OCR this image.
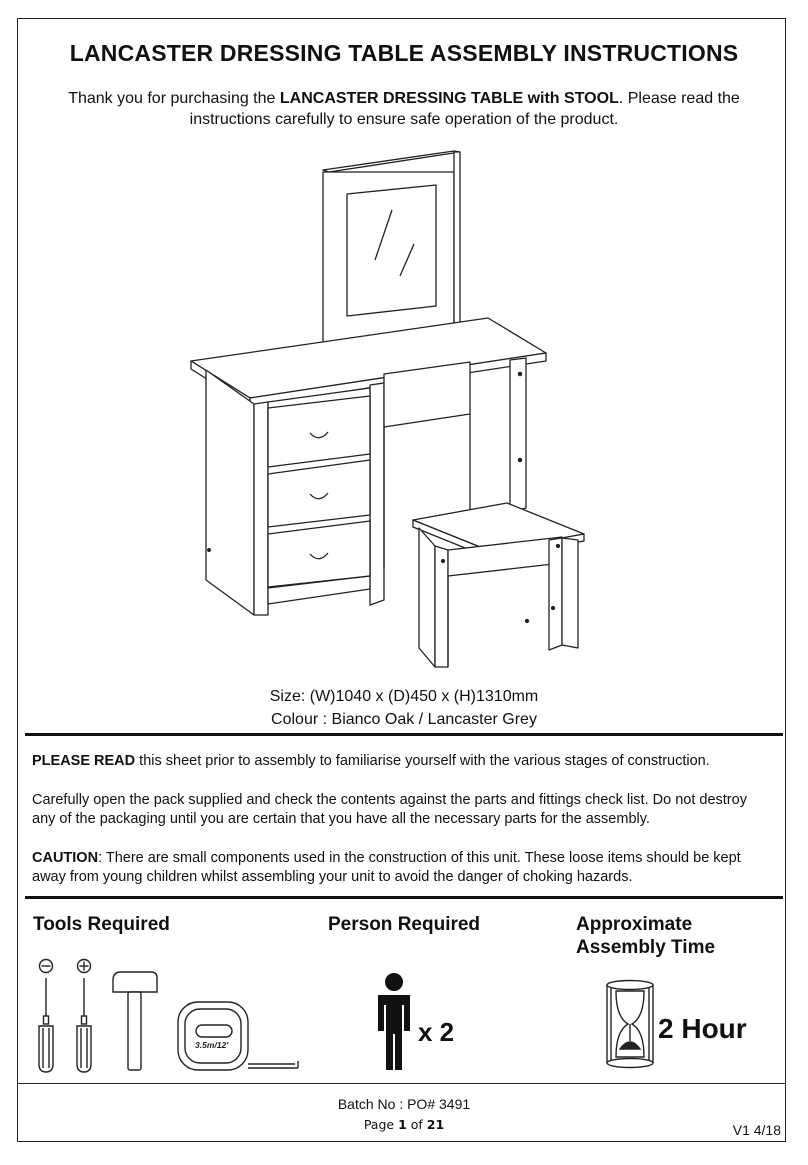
LANCASTER DRESSING TABLE ASSEMBLY INSTRUCTIONS
Thank you for purchasing the LANCASTER DRESSING TABLE with STOOL. Please read the instructions carefully to ensure safe operation of the product.
Size: (W)1040 x (D)450 x (H)1310mm
Colour : Bianco Oak / Lancaster Grey
PLEASE READ this sheet prior to assembly to familiarise yourself with the various stages of construction.
Carefully open the pack supplied and check the contents against the parts and fittings check list. Do not destroy any of the packaging until you are certain that you have all the necessary parts for the assembly.
CAUTION: There are small components used in the construction of this unit. These loose items should be kept away from young children whilst assembling your unit to avoid the danger of choking hazards.
Tools Required
3.5m/12'
Person Required
x 2
Approximate
Assembly Time
2 Hour
Batch No : PO# 3491
Page 1 of 21	V1 4/18
